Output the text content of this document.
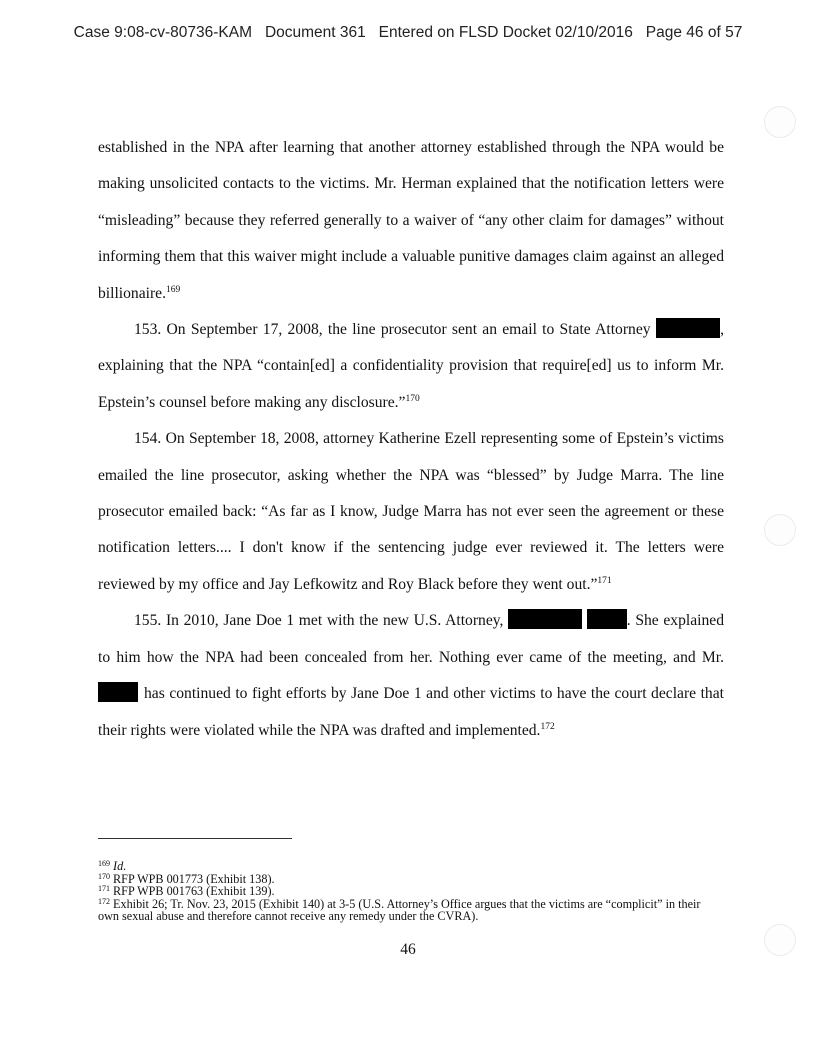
Case 9:08-cv-80736-KAM Document 361 Entered on FLSD Docket 02/10/2016 Page 46 of 57

established in the NPA after learning that another attorney established through the NPA would be making unsolicited contacts to the victims. Mr. Herman explained that the notification letters were “misleading” because they referred generally to a waiver of “any other claim for damages” without informing them that this waiver might include a valuable punitive damages claim against an alleged billionaire.$^{169}$

153. On September 17, 2008, the line prosecutor sent an email to State Attorney	, explaining that the NPA “contain[ed] a confidentiality provision that require[ed] us to inform Mr. Epstein’s counsel before making any disclosure.”$^{170}$

154. On September 18, 2008, attorney Katherine Ezell representing some of Epstein’s victims emailed the line prosecutor, asking whether the NPA was “blessed” by Judge Marra. The line prosecutor emailed back: “As far as I know, Judge Marra has not ever seen the agreement or these notification letters.... I don't know if the sentencing judge ever reviewed it. The letters were reviewed by my office and Jay Lefkowitz and Roy Black before they went out.”$^{171}$

155. In 2010, Jane Doe 1 met with the new U.S. Attorney,	. She explained to him how the NPA had been concealed from her. Nothing ever came of the meeting, and Mr. has continued to fight efforts by Jane Doe 1 and other victims to have the court declare that their rights were violated while the NPA was drafted and implemented.$^{172}$

$^{169}$ Id.

$^{170}$ RFP WPB 001773 (Exhibit 138).

$^{171}$ RFP WPB 001763 (Exhibit 139).

$^{172}$ Exhibit 26; Tr. Nov. 23, 2015 (Exhibit 140) at 3-5 (U.S. Attorney’s Office argues that the victims are “complicit” in their own sexual abuse and therefore cannot receive any remedy under the CVRA).

46
